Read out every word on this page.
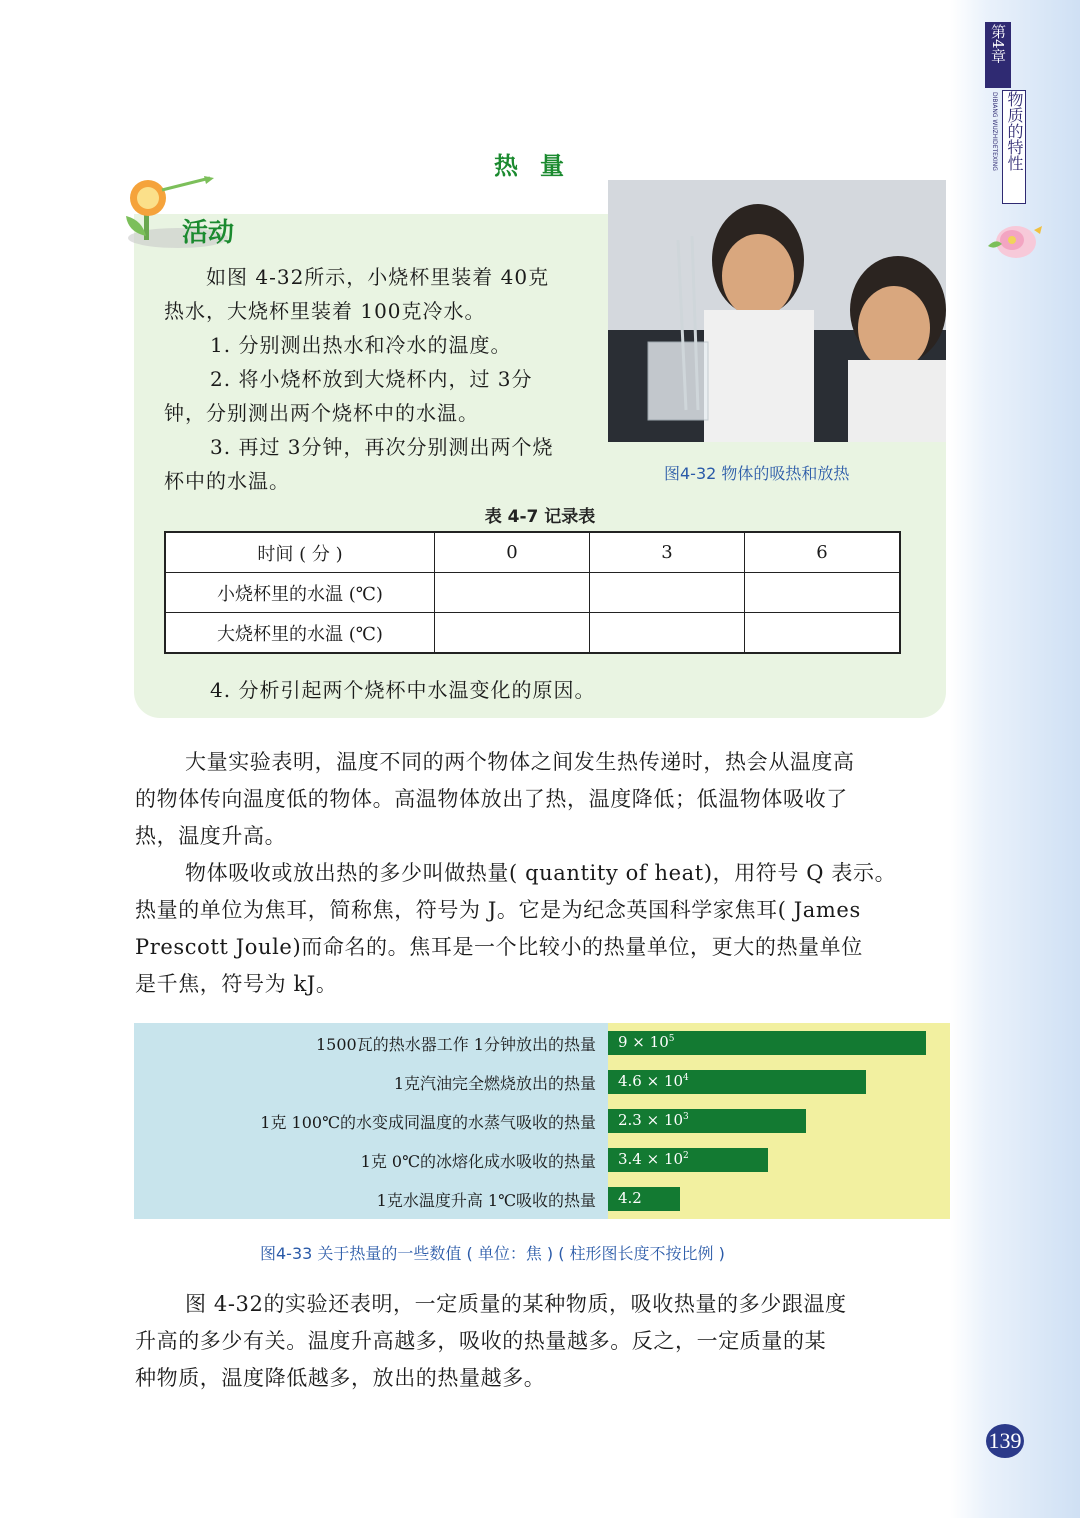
第4章
DIBIANG WUZHIDETEXING 物质的特性
139
热量
活动
如图 4-32所示，小烧杯里装着 40克
热水，大烧杯里装着 100克冷水。
1. 分别测出热水和冷水的温度。
2. 将小烧杯放到大烧杯内，过 3分
钟，分别测出两个烧杯中的水温。
3. 再过 3分钟，再次分别测出两个烧
杯中的水温。	图4-32 物体的吸热和放热
表 4-7 记录表
时间 ( 分 )	0	3	6
小烧杯里的水温 (℃)			
大烧杯里的水温 (℃)			
4. 分析引起两个烧杯中水温变化的原因。
大量实验表明，温度不同的两个物体之间发生热传递时，热会从温度高
的物体传向温度低的物体。高温物体放出了热，温度降低；低温物体吸收了
热，温度升高。
物体吸收或放出热的多少叫做热量( quantity of heat)，用符号 Q 表示。
热量的单位为焦耳，简称焦，符号为 J。它是为纪念英国科学家焦耳( James
Prescott Joule)而命名的。焦耳是一个比较小的热量单位，更大的热量单位
是千焦，符号为 kJ。
1500瓦的热水器工作 1分钟放出的热量
1克汽油完全燃烧放出的热量
1克 100℃的水变成同温度的水蒸气吸收的热量
1克 0℃的冰熔化成水吸收的热量
1克水温度升高 1℃吸收的热量
$9 \times 10^5$
$4.6 \times 10^4$
$2.3 \times 10^3$
$3.4 \times 10^2$
4.2
图4-33 关于热量的一些数值 ( 单位：焦 ) ( 柱形图长度不按比例 )
图 4-32的实验还表明，一定质量的某种物质，吸收热量的多少跟温度
升高的多少有关。温度升高越多，吸收的热量越多。反之，一定质量的某
种物质，温度降低越多，放出的热量越多。
